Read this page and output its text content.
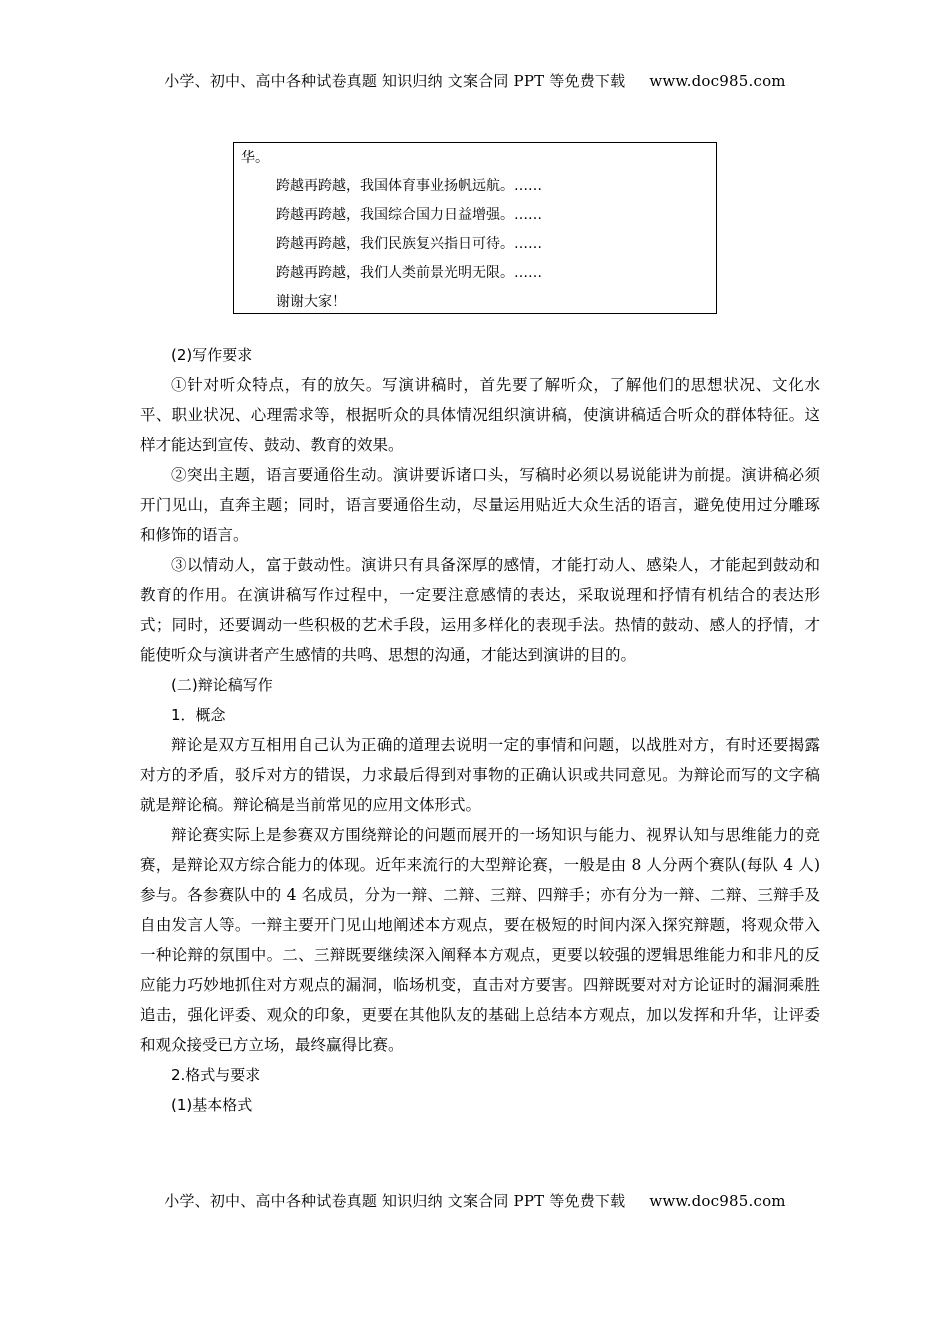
小学、初中、高中各种试卷真题 知识归纳 文案合同 PPT 等免费下载 www.doc985.com
华。
跨越再跨越，我国体育事业扬帆远航。……
跨越再跨越，我国综合国力日益增强。……
跨越再跨越，我们民族复兴指日可待。……
跨越再跨越，我们人类前景光明无限。……
谢谢大家！

(2)写作要求

①针对听众特点，有的放矢。写演讲稿时，首先要了解听众，了解他们的思想状况、文化水平、职业状况、心理需求等，根据听众的具体情况组织演讲稿，使演讲稿适合听众的群体特征。这样才能达到宣传、鼓动、教育的效果。

②突出主题，语言要通俗生动。演讲要诉诸口头，写稿时必须以易说能讲为前提。演讲稿必须开门见山，直奔主题；同时，语言要通俗生动，尽量运用贴近大众生活的语言，避免使用过分雕琢和修饰的语言。

③以情动人，富于鼓动性。演讲只有具备深厚的感情，才能打动人、感染人，才能起到鼓动和教育的作用。在演讲稿写作过程中，一定要注意感情的表达，采取说理和抒情有机结合的表达形式；同时，还要调动一些积极的艺术手段，运用多样化的表现手法。热情的鼓动、感人的抒情，才能使听众与演讲者产生感情的共鸣、思想的沟通，才能达到演讲的目的。

(二)辩论稿写作

1．概念

辩论是双方互相用自己认为正确的道理去说明一定的事情和问题，以战胜对方，有时还要揭露对方的矛盾，驳斥对方的错误，力求最后得到对事物的正确认识或共同意见。为辩论而写的文字稿就是辩论稿。辩论稿是当前常见的应用文体形式。

辩论赛实际上是参赛双方围绕辩论的问题而展开的一场知识与能力、视界认知与思维能力的竞赛，是辩论双方综合能力的体现。近年来流行的大型辩论赛，一般是由 8 人分两个赛队(每队 4 人)参与。各参赛队中的 4 名成员，分为一辩、二辩、三辩、四辩手；亦有分为一辩、二辩、三辩手及自由发言人等。一辩主要开门见山地阐述本方观点，要在极短的时间内深入探究辩题，将观众带入一种论辩的氛围中。二、三辩既要继续深入阐释本方观点，更要以较强的逻辑思维能力和非凡的反应能力巧妙地抓住对方观点的漏洞，临场机变，直击对方要害。四辩既要对对方论证时的漏洞乘胜追击，强化评委、观众的印象，更要在其他队友的基础上总结本方观点，加以发挥和升华，让评委和观众接受已方立场，最终赢得比赛。

2.格式与要求

(1)基本格式

小学、初中、高中各种试卷真题 知识归纳 文案合同 PPT 等免费下载 www.doc985.com
